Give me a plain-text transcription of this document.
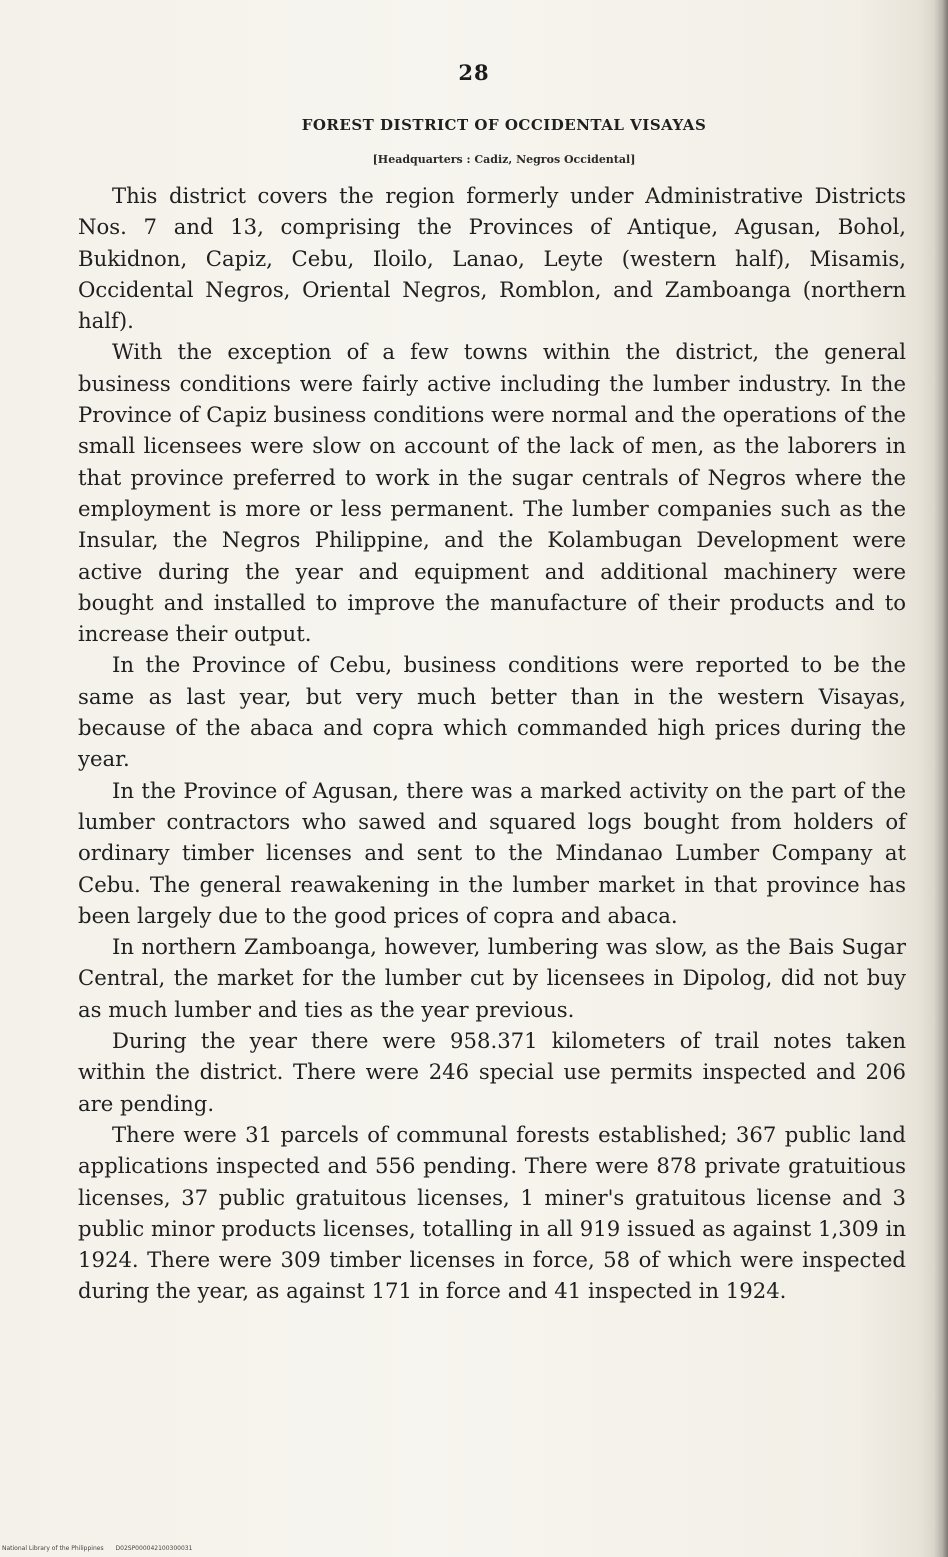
28
FOREST DISTRICT OF OCCIDENTAL VISAYAS
[Headquarters : Cadiz, Negros Occidental]

This district covers the region formerly under Administrative Districts Nos. 7 and 13, comprising the Provinces of Antique, Agusan, Bohol, Bukidnon, Capiz, Cebu, Iloilo, Lanao, Leyte (western half), Misamis, Occidental Negros, Oriental Negros, Romblon, and Zamboanga (northern half).

With the exception of a few towns within the district, the general business conditions were fairly active including the lumber industry. In the Province of Capiz business conditions were normal and the operations of the small licensees were slow on account of the lack of men, as the laborers in that province preferred to work in the sugar centrals of Negros where the employment is more or less permanent. The lumber companies such as the Insular, the Negros Philippine, and the Kolambugan Development were active during the year and equipment and additional machinery were bought and installed to improve the manufacture of their products and to increase their output.

In the Province of Cebu, business conditions were reported to be the same as last year, but very much better than in the western Visayas, because of the abaca and copra which commanded high prices during the year.

In the Province of Agusan, there was a marked activity on the part of the lumber contractors who sawed and squared logs bought from holders of ordinary timber licenses and sent to the Mindanao Lumber Company at Cebu. The general reawakening in the lumber market in that province has been largely due to the good prices of copra and abaca.

In northern Zamboanga, however, lumbering was slow, as the Bais Sugar Central, the market for the lumber cut by licensees in Dipolog, did not buy as much lumber and ties as the year previous.

During the year there were 958.371 kilometers of trail notes taken within the district. There were 246 special use permits inspected and 206 are pending.

There were 31 parcels of communal forests established; 367 public land applications inspected and 556 pending. There were 878 private gratuitious licenses, 37 public gratuitous licenses, 1 miner's gratuitous license and 3 public minor products licenses, totalling in all 919 issued as against 1,309 in 1924. There were 309 timber licenses in force, 58 of which were inspected during the year, as against 171 in force and 41 inspected in 1924.

National Library of the Philippines D02SP000042100300031
